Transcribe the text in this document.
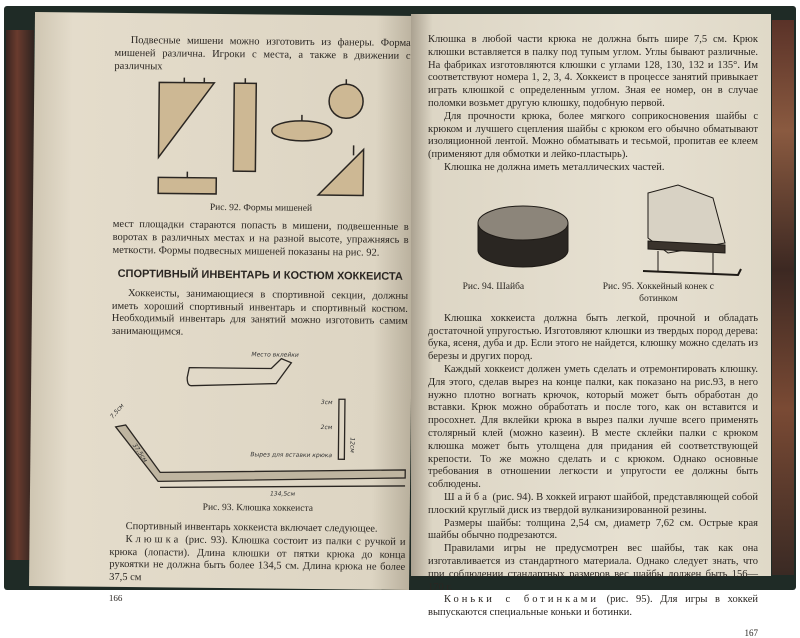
Подвесные мишени можно изготовить из фанеры. Форма мишеней различна. Игроки с места, а также в движении с различных

Рис. 92. Формы мишеней

мест площадки стараются попасть в мишени, подвешенные в воротах в различных местах и на разной высоте, упражняясь в меткости. Формы подвесных мишеней показаны на рис. 92.

СПОРТИВНЫЙ ИНВЕНТАРЬ И КОСТЮМ ХОККЕИСТА

Хоккеисты, занимающиеся в спортивной секции, должны иметь хороший спортивный инвентарь и спортивный костюм. Необходимый инвентарь для занятий можно изготовить самим занимающимся.

Место вклейки
3см
2см
12см
Вырез для вставки крюка
7,5см
37,5см
134,5см
Рис. 93. Клюшка хоккеиста

Спортивный инвентарь хоккеиста включает следующее.

Клюшка (рис. 93). Клюшка состоит из палки с ручкой и крюка (лопасти). Длина клюшки от пятки крюка до конца рукоятки не должна быть более 134,5 см. Длина крюка не более 37,5 см

166

Клюшка в любой части крюка не должна быть шире 7,5 см. Крюк клюшки вставляется в палку под тупым углом. Углы бывают различные. На фабриках изготовляются клюшки с углами 128, 130, 132 и 135°. Им соответствуют номера 1, 2, 3, 4. Хоккеист в процессе занятий привыкает играть клюшкой с определенным углом. Зная ее номер, он в случае поломки возьмет другую клюшку, подобную первой.

Для прочности крюка, более мягкого соприкосновения шайбы с крюком и лучшего сцепления шайбы с крюком его обычно обматывают изоляционной лентой. Можно обматывать и тесьмой, пропитав ее клеем (применяют для обмотки и лейко-пластырь).

Клюшка не должна иметь металлических частей.

Рис. 94. Шайба	Рис. 95. Хоккейный конек с ботинком

Клюшка хоккеиста должна быть легкой, прочной и обладать достаточной упругостью. Изготовляют клюшки из твердых пород дерева: бука, ясеня, дуба и др. Если этого не найдется, клюшку можно сделать из березы и других пород.

Каждый хоккеист должен уметь сделать и отремонтировать клюшку. Для этого, сделав вырез на конце палки, как показано на рис.93, в него нужно плотно вогнать крючок, который может быть обработан до вставки. Крюк можно обработать и после того, как он вставится и просохнет. Для вклейки крюка в вырез палки лучше всего применять столярный клей (можно казеин). В месте склейки палки с крюком клюшка может быть утолщена для придания ей соответствующей крепости. То же можно сделать и с крюком. Однако основные требования в отношении легкости и упругости ее должны быть соблюдены.

Шайба (рис. 94). В хоккей играют шайбой, представляющей собой плоский круглый диск из твердой вулканизированной резины.

Размеры шайбы: толщина 2,54 см, диаметр 7,62 см. Острые края шайбы обычно подрезаются.

Правилами игры не предусмотрен вес шайбы, так как она изготавливается из стандартного материала. Однако следует знать, что при соблюдении стандартных размеров вес шайбы должен быть 156—170 г.

Коньки с ботинками (рис. 95). Для игры в хоккей выпускаются специальные коньки и ботинки.

167
